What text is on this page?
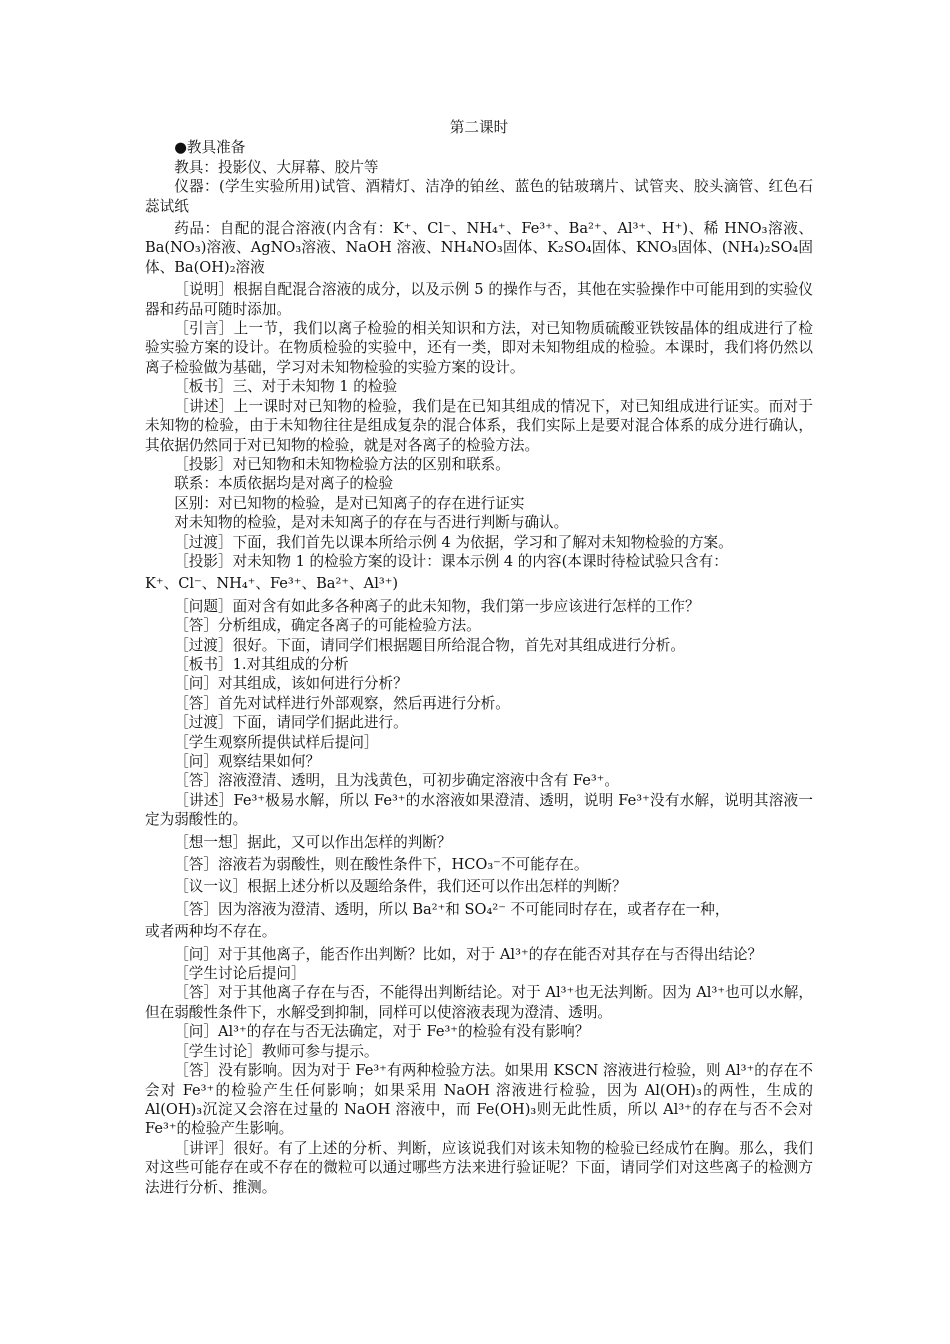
第二课时

●教具准备

教具：投影仪、大屏幕、胶片等

仪器：(学生实验所用)试管、酒精灯、洁净的铂丝、蓝色的钴玻璃片、试管夹、胶头滴管、红色石蕊试纸

药品：自配的混合溶液(内含有：K⁺、Cl⁻、NH₄⁺、Fe³⁺、Ba²⁺、Al³⁺、H⁺)、稀 HNO₃溶液、Ba(NO₃)溶液、AgNO₃溶液、NaOH 溶液、NH₄NO₃固体、K₂SO₄固体、KNO₃固体、(NH₄)₂SO₄固体、Ba(OH)₂溶液

［说明］根据自配混合溶液的成分，以及示例 5 的操作与否，其他在实验操作中可能用到的实验仪器和药品可随时添加。

［引言］上一节，我们以离子检验的相关知识和方法，对已知物质硫酸亚铁铵晶体的组成进行了检验实验方案的设计。在物质检验的实验中，还有一类，即对未知物组成的检验。本课时，我们将仍然以离子检验做为基础，学习对未知物检验的实验方案的设计。

［板书］三、对于未知物 1 的检验

［讲述］上一课时对已知物的检验，我们是在已知其组成的情况下，对已知组成进行证实。而对于未知物的检验，由于未知物往往是组成复杂的混合体系，我们实际上是要对混合体系的成分进行确认，其依据仍然同于对已知物的检验，就是对各离子的检验方法。

［投影］对已知物和未知物检验方法的区别和联系。

联系：本质依据均是对离子的检验

区别：对已知物的检验，是对已知离子的存在进行证实

对未知物的检验，是对未知离子的存在与否进行判断与确认。

［过渡］下面，我们首先以课本所给示例 4 为依据，学习和了解对未知物检验的方案。

［投影］对未知物 1 的检验方案的设计：课本示例 4 的内容(本课时待检试验只含有：

K⁺、Cl⁻、NH₄⁺、Fe³⁺、Ba²⁺、Al³⁺)

［问题］面对含有如此多各种离子的此未知物，我们第一步应该进行怎样的工作？

［答］分析组成，确定各离子的可能检验方法。

［过渡］很好。下面，请同学们根据题目所给混合物，首先对其组成进行分析。

［板书］1.对其组成的分析

［问］对其组成，该如何进行分析？

［答］首先对试样进行外部观察，然后再进行分析。

［过渡］下面，请同学们据此进行。

［学生观察所提供试样后提问］

［问］观察结果如何？

［答］溶液澄清、透明，且为浅黄色，可初步确定溶液中含有 Fe³⁺。

［讲述］Fe³⁺极易水解，所以 Fe³⁺的水溶液如果澄清、透明，说明 Fe³⁺没有水解，说明其溶液一定为弱酸性的。

［想一想］据此，又可以作出怎样的判断？

［答］溶液若为弱酸性，则在酸性条件下，HCO₃⁻不可能存在。

［议一议］根据上述分析以及题给条件，我们还可以作出怎样的判断？

［答］因为溶液为澄清、透明，所以 Ba²⁺和 SO₄²⁻ 不可能同时存在，或者存在一种，

或者两种均不存在。

［问］对于其他离子，能否作出判断？比如，对于 Al³⁺的存在能否对其存在与否得出结论？

［学生讨论后提问］

［答］对于其他离子存在与否，不能得出判断结论。对于 Al³⁺也无法判断。因为 Al³⁺也可以水解，但在弱酸性条件下，水解受到抑制，同样可以使溶液表现为澄清、透明。

［问］Al³⁺的存在与否无法确定，对于 Fe³⁺的检验有没有影响？

［学生讨论］教师可参与提示。

［答］没有影响。因为对于 Fe³⁺有两种检验方法。如果用 KSCN 溶液进行检验，则 Al³⁺的存在不会对 Fe³⁺的检验产生任何影响；如果采用 NaOH 溶液进行检验，因为 Al(OH)₃的两性，生成的 Al(OH)₃沉淀又会溶在过量的 NaOH 溶液中，而 Fe(OH)₃则无此性质，所以 Al³⁺的存在与否不会对 Fe³⁺的检验产生影响。

［讲评］很好。有了上述的分析、判断，应该说我们对该未知物的检验已经成竹在胸。那么，我们对这些可能存在或不存在的微粒可以通过哪些方法来进行验证呢？下面，请同学们对这些离子的检测方法进行分析、推测。
